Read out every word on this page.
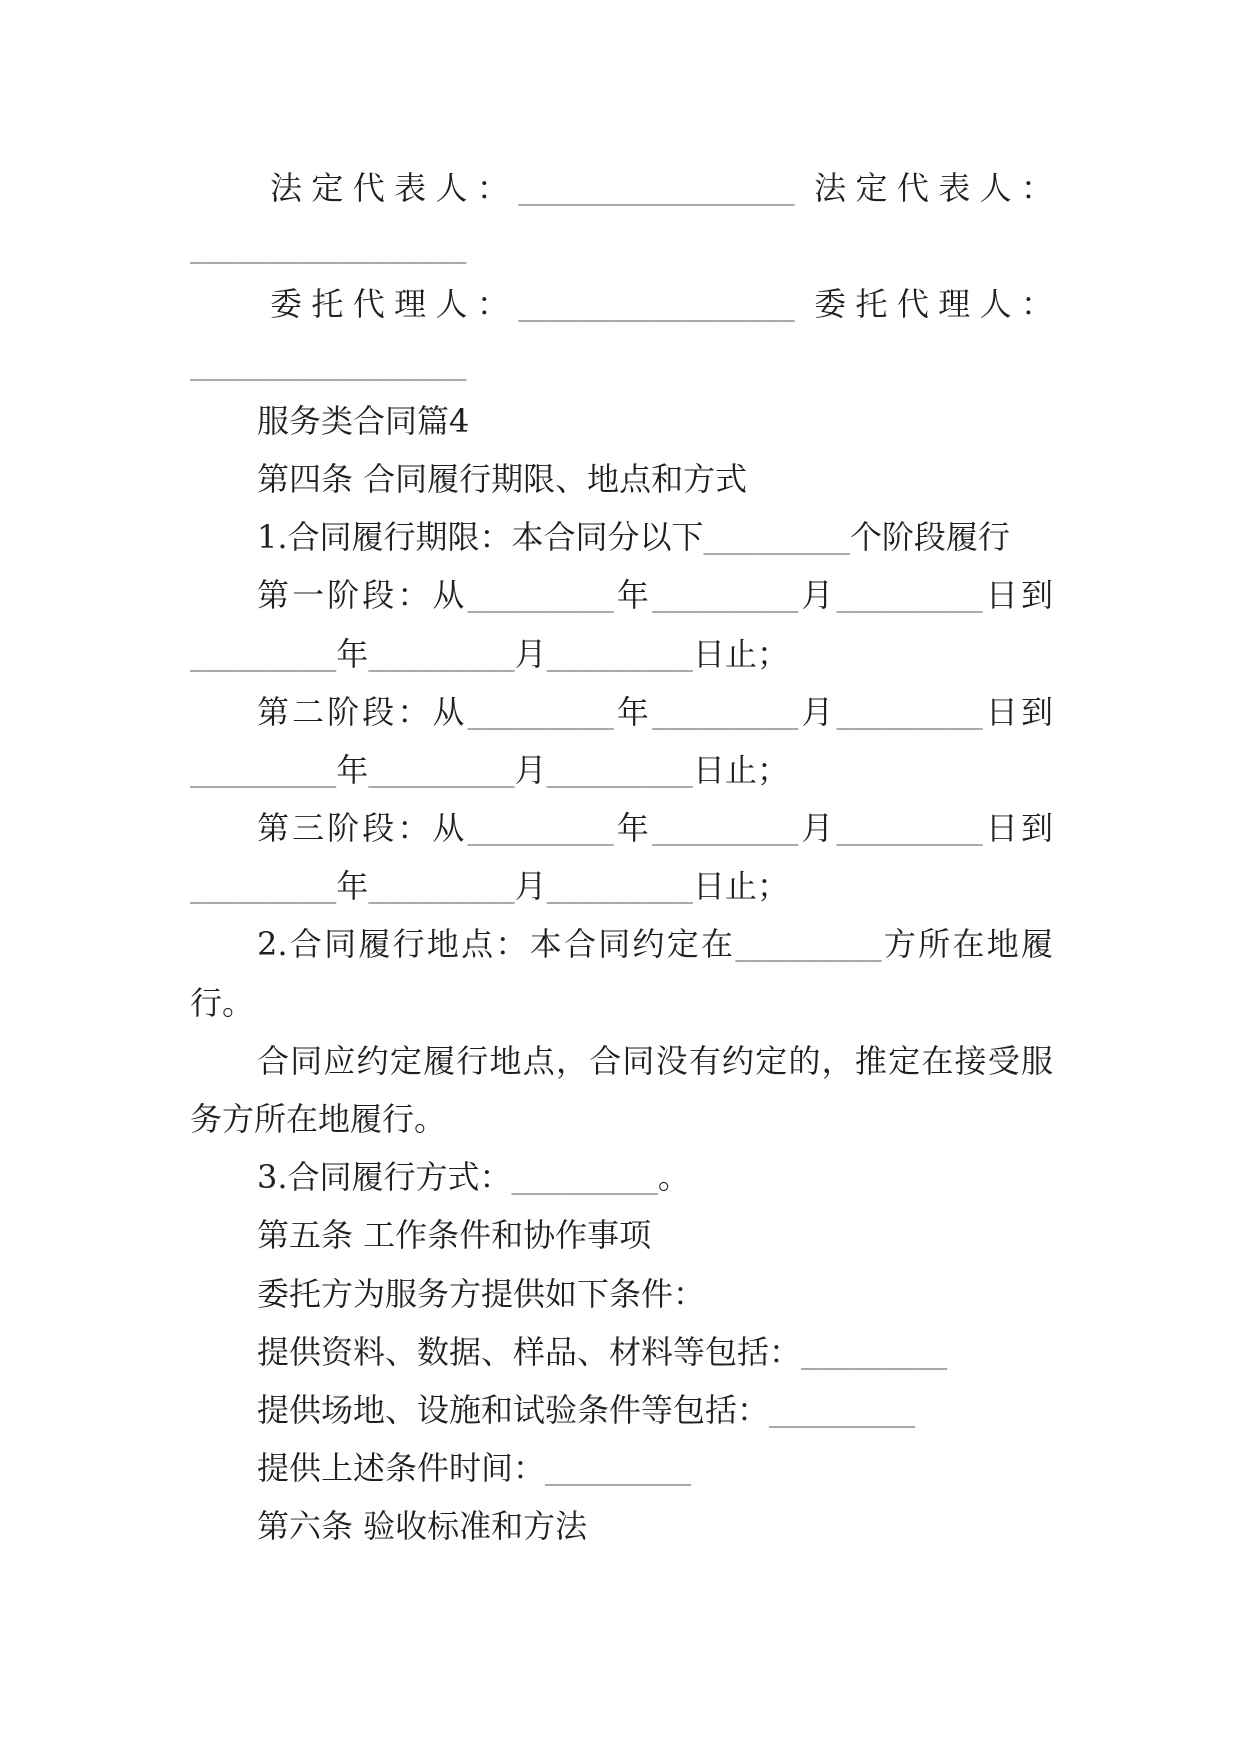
法定代表人：_________________ 法定代表人：
_________________
委托代理人：_________________ 委托代理人：
_________________
服务类合同篇4
第四条 合同履行期限、地点和方式
1.合同履行期限：本合同分以下_________个阶段履行
第一阶段：从_________年_________月_________日到
_________年_________月_________日止；
第二阶段：从_________年_________月_________日到
_________年_________月_________日止；
第三阶段：从_________年_________月_________日到
_________年_________月_________日止；
2.合同履行地点：本合同约定在_________方所在地履
行。
合同应约定履行地点，合同没有约定的，推定在接受服
务方所在地履行。
3.合同履行方式：_________。
第五条 工作条件和协作事项
委托方为服务方提供如下条件：
提供资料、数据、样品、材料等包括：_________
提供场地、设施和试验条件等包括：_________
提供上述条件时间：_________
第六条 验收标准和方法
